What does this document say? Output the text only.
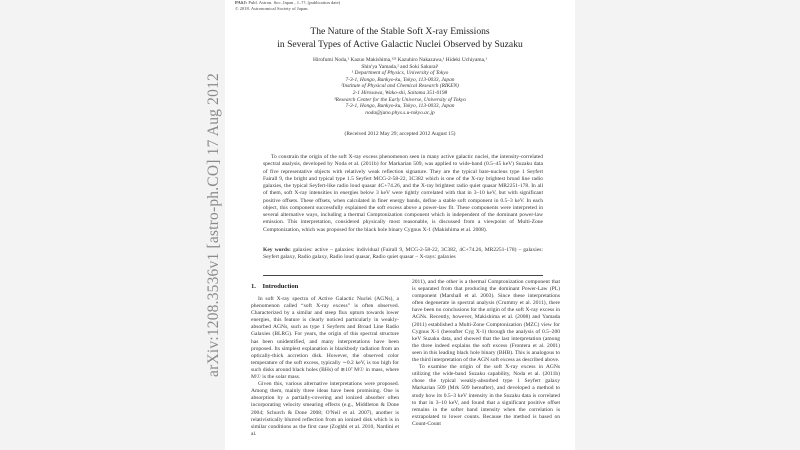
arXiv:1208.3536v1 [astro-ph.CO] 17 Aug 2012
PASJ: Publ. Astron. Soc. Japan , 1–??, (publication date)
© 2018. Astronomical Society of Japan.
The Nature of the Stable Soft X-ray Emissions
in Several Types of Active Galactic Nuclei Observed by Suzaku
Hirofumi Noda,¹ Kazuo Makishima,¹²³ Kazuhiro Nakazawa,¹ Hideki Uchiyama,¹
Shin'ya Yamada,² and Soki Sakurai¹
¹ Department of Physics, University of Tokyo
7-3-1, Hongo, Bunkyo-ku, Tokyo, 113-0033, Japan
²Institute of Physical and Chemical Research (RIKEN)
2-1 Hirosawa, Wako-shi, Saitama 351-0198
³Research Center for the Early Universe, University of Tokyo
7-3-1, Hongo, Bunkyo-ku, Tokyo, 113-0033, Japan
noda@juno.phys.s.u-tokyo.ac.jp
(Received 2012 May 29; accepted 2012 August 15)
To constrain the origin of the soft X-ray excess phenomenon seen in many active galactic nuclei, the intensity-correlated spectral analysis, developed by Noda et al. (2011b) for Markarian 509, was applied to wide-band (0.5–45 keV) Suzaku data of five representative objects with relatively weak reflection signature. They are the typical bare-nucleus type 1 Seyfert Fairall 9, the bright and typical type 1.5 Seyfert MCG-2-58-22, 3C382 which is one of the X-ray brightest broad line radio galaxies, the typical Seyfert-like radio loud quasar 4C+74.26, and the X-ray brightest radio quiet quasar MR2251-178. In all of them, soft X-ray intensities in energies below 3 keV were tightly correlated with that in 3–10 keV, but with significant positive offsets. These offsets, when calculated in finer energy bands, define a stable soft component in 0.5–3 keV. In each object, this component successfully explained the soft excess above a power-law fit. These components were interpreted in several alternative ways, including a thermal Comptonization component which is independent of the dominant power-law emission. This interpretation, considered physically most reasonable, is discussed from a viewpoint of Multi-Zone Comptonization, which was proposed for the black hole binary Cygnus X-1 (Makishima et al. 2008).
Key words: galaxies: active – galaxies: individual (Fairall 9, MCG-2-58-22, 3C382, 4C+74.26, MR2251-178) – galaxies: Seyfert galaxy, Radio galaxy, Radio loud quasar, Radio quiet quasar – X-rays: galaxies
1. Introduction

In soft X-ray spectra of Active Galactic Nuclei (AGNs), a phenomenon called “soft X-ray excess” is often observed. Characterized by a similar and steep flux upturn towards lower energies, this feature is clearly noticed particularly in weakly-absorbed AGNs, such as type 1 Seyferts and Broad Line Radio Galaxies (BLRG). For years, the origin of this spectral structure has been unidentified, and many interpretations have been proposed. Its simplest explanation is blackbody radiation from an optically-thick accretion disk. However, the observed color temperature of the soft excess, typically ∼0.2 keV, is too high for such disks around black holes (BHs) of ≳10⁷ M☉ in mass, where M☉ is the solar mass.

Given this, various alternative interpretations were proposed. Among them, mainly three ideas have been promising. One is absorption by a partially-covering and ionized absorber often incorporating velocity smearing effects (e.g., Middleton & Done 2004; Schurch & Done 2008; O'Neil et al. 2007), another is relativistically blurred reflection from an ionized disk which is in similar conditions as the first case (Zoghbi et al. 2010, Nardini et al.

2011), and the other is a thermal Comptonization component that is separated from that producing the dominant Power-Law (PL) component (Marshall et al. 2003). Since these interpretations often degenerate in spectral analysis (Crummy et al. 2011), there have been no conclusions for the origin of the soft X-ray excess in AGNs. Recently, however, Makishima et al. (2008) and Yamada (2011) established a Multi-Zone Comptonization (MZC) view for Cygnus X-1 (hereafter Cyg X-1) through the analysis of 0.5–200 keV Suzaku data, and showed that the last interpretation (among the three indeed explains the soft excess (Frontera et al. 2001) seen in this leading black hole binary (BHB). This is analogous to the third interpretation of the AGN soft excess as described above.

To examine the origin of the soft X-ray excess in AGNs utilizing the wide-band Suzaku capability, Noda et al. (2011b) chose the typical weakly-absorbed type 1 Seyfert galaxy Markarian 509 (Mrk 509 hereafter), and developed a method to study how its 0.5–3 keV intensity in the Suzaku data is correlated to that in 3–10 keV, and found that a significant positive offset remains in the softer band intensity when the correlation is extrapolated to lower counts. Because the method is based on Count-Count
